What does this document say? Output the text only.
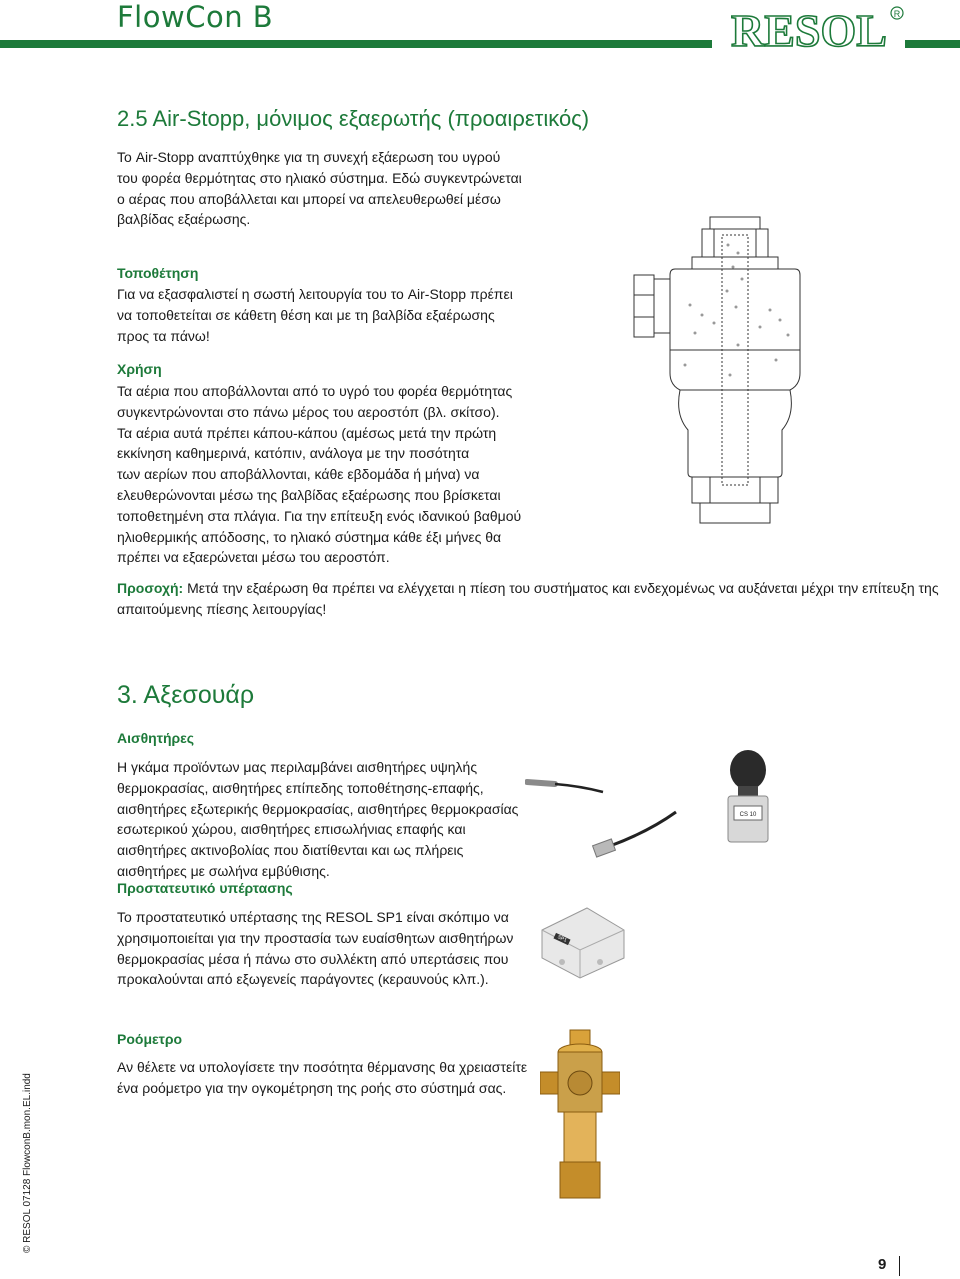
FlowCon B	RESOL R
2.5 Air-Stopp, μόνιμος εξαερωτής (προαιρετικός)
Το Air-Stopp αναπτύχθηκε για τη συνεχή εξάερωση του υγρού
του φορέα θερμότητας στο ηλιακό σύστημα. Εδώ συγκεντρώνεται
ο αέρας που αποβάλλεται και μπορεί να απελευθερωθεί μέσω
βαλβίδας εξαέρωσης.
Τοποθέτηση
Για να εξασφαλιστεί η σωστή λειτουργία του το Air-Stopp πρέπει
να τοποθετείται σε κάθετη θέση και με τη βαλβίδα εξαέρωσης
προς τα πάνω!
Χρήση
Τα αέρια που αποβάλλονται από το υγρό του φορέα θερμότητας
συγκεντρώνονται στο πάνω μέρος του αεροστόπ (βλ. σκίτσο).
Τα αέρια αυτά πρέπει κάπου-κάπου (αμέσως μετά την πρώτη
εκκίνηση καθημερινά, κατόπιν, ανάλογα με την ποσότητα
των αερίων που αποβάλλονται, κάθε εβδομάδα ή μήνα) να
ελευθερώνονται μέσω της βαλβίδας εξαέρωσης που βρίσκεται
τοποθετημένη στα πλάγια. Για την επίτευξη ενός ιδανικού βαθμού
ηλιοθερμικής απόδοσης, το ηλιακό σύστημα κάθε έξι μήνες θα
πρέπει να εξαερώνεται μέσω του αεροστόπ.
Προσοχή: Μετά την εξαέρωση θα πρέπει να ελέγχεται η πίεση του συστήματος και ενδεχομένως να αυξάνεται μέχρι την επίτευξη της
απαιτούμενης πίεσης λειτουργίας!
3. Αξεσουάρ
Αισθητήρες
Η γκάμα προϊόντων μας περιλαμβάνει αισθητήρες υψηλής
θερμοκρασίας, αισθητήρες επίπεδης τοποθέτησης-επαφής,
αισθητήρες εξωτερικής θερμοκρασίας, αισθητήρες θερμοκρασίας
εσωτερικού χώρου, αισθητήρες επισωλήνιας επαφής και
αισθητήρες ακτινοβολίας που διατίθενται και ως πλήρεις
αισθητήρες με σωλήνα εμβύθισης.
Προστατευτικό υπέρτασης
Το προστατευτικό υπέρτασης της RESOL SP1 είναι σκόπιμο να
χρησιμοποιείται για την προστασία των ευαίσθητων αισθητήρων
θερμοκρασίας μέσα ή πάνω στο συλλέκτη από υπερτάσεις που
προκαλούνται από εξωγενείς παράγοντες (κεραυνούς κλπ.).
Ροόμετρο
Αν θέλετε να υπολογίσετε την ποσότητα θέρμανσης θα χρειαστείτε
ένα ροόμετρο για την ογκομέτρηση της ροής στο σύστημά σας.
CS 10
SP1
© RESOL 07128 FlowconB.mon.EL.indd
9
